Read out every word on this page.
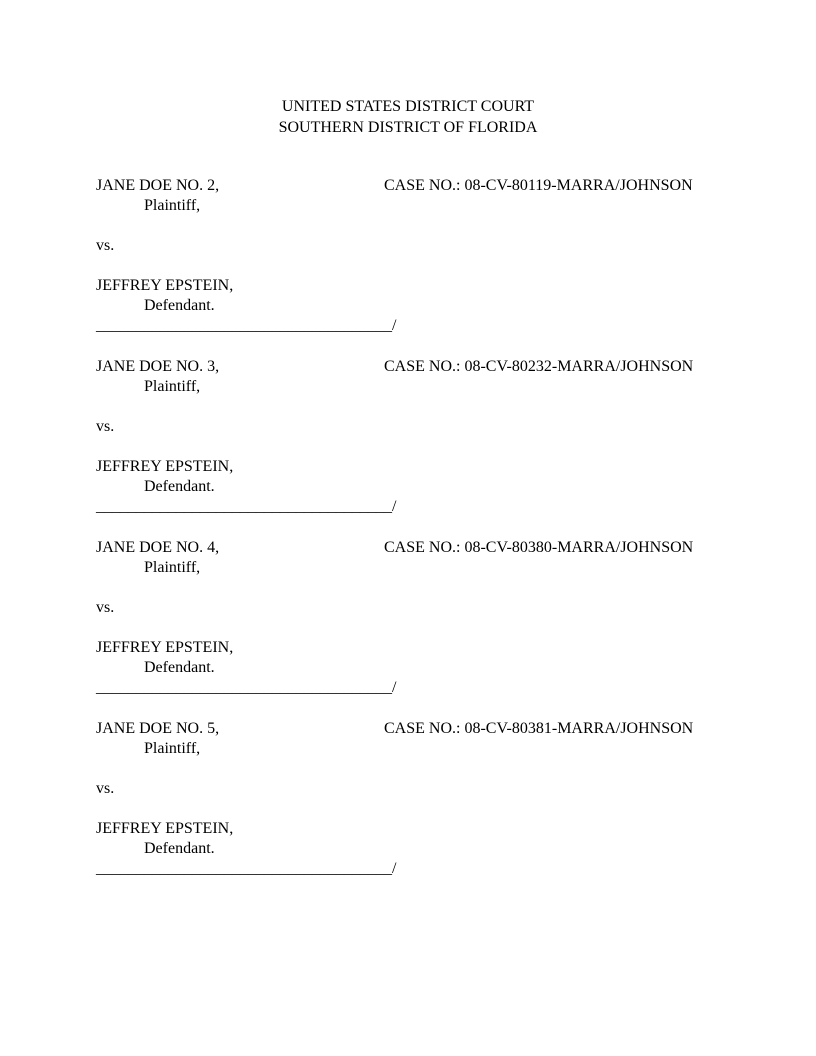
UNITED STATES DISTRICT COURT
SOUTHERN DISTRICT OF FLORIDA
JANE DOE NO. 2,	CASE NO.: 08-CV-80119-MARRA/JOHNSON
Plaintiff,
vs.
JEFFREY EPSTEIN,
Defendant.
_____________________________________/
JANE DOE NO. 3,	CASE NO.: 08-CV-80232-MARRA/JOHNSON
Plaintiff,
vs.
JEFFREY EPSTEIN,
Defendant.
_____________________________________/
JANE DOE NO. 4,	CASE NO.: 08-CV-80380-MARRA/JOHNSON
Plaintiff,
vs.
JEFFREY EPSTEIN,
Defendant.
_____________________________________/
JANE DOE NO. 5,	CASE NO.: 08-CV-80381-MARRA/JOHNSON
Plaintiff,
vs.
JEFFREY EPSTEIN,
Defendant.
_____________________________________/
